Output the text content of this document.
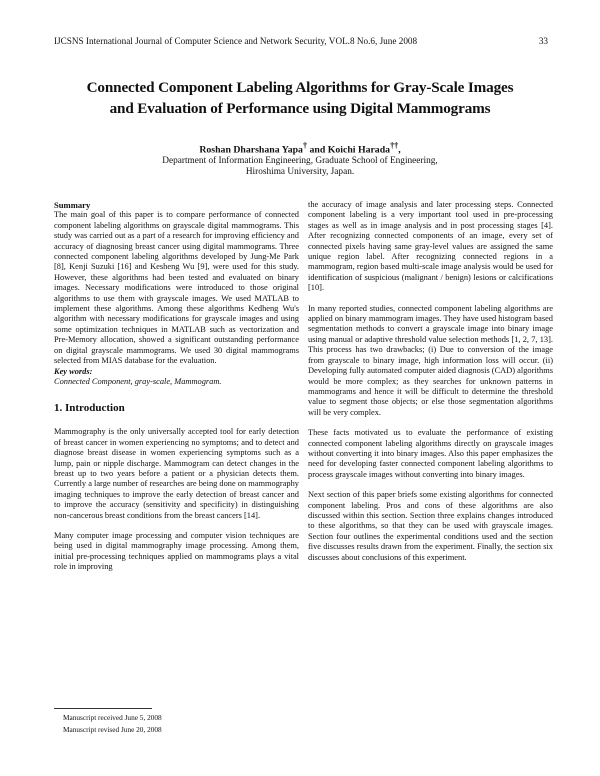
IJCSNS International Journal of Computer Science and Network Security, VOL.8 No.6, June 2008	33
Connected Component Labeling Algorithms for Gray-Scale Images
and Evaluation of Performance using Digital Mammograms
Roshan Dharshana Yapa† and Koichi Harada††,
Department of Information Engineering, Graduate School of Engineering,
Hiroshima University, Japan.
Summary

The main goal of this paper is to compare performance of connected component labeling algorithms on grayscale digital mammograms. This study was carried out as a part of a research for improving efficiency and accuracy of diagnosing breast cancer using digital mammograms. Three connected component labeling algorithms developed by Jung-Me Park [8], Kenji Suzuki [16] and Kesheng Wu [9], were used for this study. However, these algorithms had been tested and evaluated on binary images. Necessary modifications were introduced to those original algorithms to use them with grayscale images. We used MATLAB to implement these algorithms. Among these algorithms Kedheng Wu's algorithm with necessary modifications for grayscale images and using some optimization techniques in MATLAB such as vectorization and Pre-Memory allocation, showed a significant outstanding performance on digital grayscale mammograms. We used 30 digital mammograms selected from MIAS database for the evaluation.

Key words:
Connected Component, gray-scale, Mammogram.
1. Introduction

Mammography is the only universally accepted tool for early detection of breast cancer in women experiencing no symptoms; and to detect and diagnose breast disease in women experiencing symptoms such as a lump, pain or nipple discharge. Mammogram can detect changes in the breast up to two years before a patient or a physician detects them. Currently a large number of researches are being done on mammography imaging techniques to improve the early detection of breast cancer and to improve the accuracy (sensitivity and specificity) in distinguishing non-cancerous breast conditions from the breast cancers [14].

Many computer image processing and computer vision techniques are being used in digital mammography image processing. Among them, initial pre-processing techniques applied on mammograms plays a vital role in improving

the accuracy of image analysis and later processing steps. Connected component labeling is a very important tool used in pre-processing stages as well as in image analysis and in post processing stages [4]. After recognizing connected components of an image, every set of connected pixels having same gray-level values are assigned the same unique region label. After recognizing connected regions in a mammogram, region based multi-scale image analysis would be used for identification of suspicious (malignant / benign) lesions or calcifications [10].

In many reported studies, connected component labeling algorithms are applied on binary mammogram images. They have used histogram based segmentation methods to convert a grayscale image into binary image using manual or adaptive threshold value selection methods [1, 2, 7, 13]. This process has two drawbacks; (i) Due to conversion of the image from grayscale to binary image, high information loss will occur. (ii) Developing fully automated computer aided diagnosis (CAD) algorithms would be more complex; as they searches for unknown patterns in mammograms and hence it will be difficult to determine the threshold value to segment those objects; or else those segmentation algorithms will be very complex.

These facts motivated us to evaluate the performance of existing connected component labeling algorithms directly on grayscale images without converting it into binary images. Also this paper emphasizes the need for developing faster connected component labeling algorithms to process grayscale images without converting into binary images.

Next section of this paper briefs some existing algorithms for connected component labeling. Pros and cons of these algorithms are also discussed within this section. Section three explains changes introduced to these algorithms, so that they can be used with grayscale images. Section four outlines the experimental conditions used and the section five discusses results drawn from the experiment. Finally, the section six discusses about conclusions of this experiment.

Manuscript received June 5, 2008
Manuscript revised June 20, 2008
